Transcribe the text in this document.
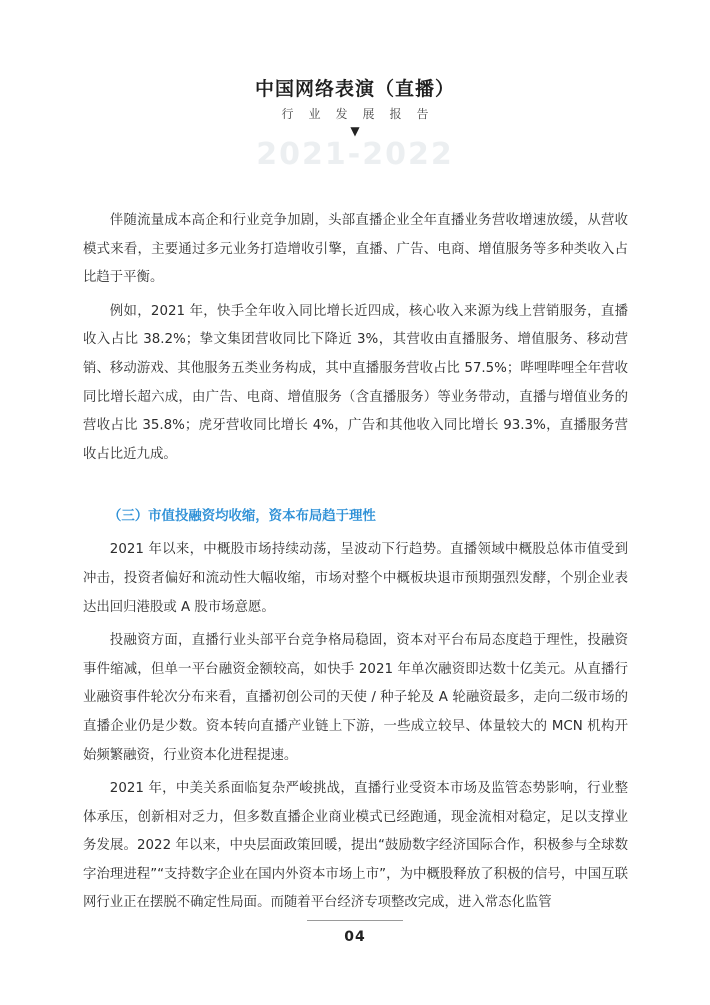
中国网络表演（直播）
行业发展报告
▼
2021-2022

伴随流量成本高企和行业竞争加剧，头部直播企业全年直播业务营收增速放缓，从营收模式来看，主要通过多元业务打造增收引擎，直播、广告、电商、增值服务等多种类收入占比趋于平衡。

例如，2021 年，快手全年收入同比增长近四成，核心收入来源为线上营销服务，直播收入占比 38.2%；挚文集团营收同比下降近 3%，其营收由直播服务、增值服务、移动营销、移动游戏、其他服务五类业务构成，其中直播服务营收占比 57.5%；哔哩哔哩全年营收同比增长超六成，由广告、电商、增值服务（含直播服务）等业务带动，直播与增值业务的营收占比 35.8%；虎牙营收同比增长 4%，广告和其他收入同比增长 93.3%，直播服务营收占比近九成。

（三）市值投融资均收缩，资本布局趋于理性

2021 年以来，中概股市场持续动荡，呈波动下行趋势。直播领域中概股总体市值受到冲击，投资者偏好和流动性大幅收缩，市场对整个中概板块退市预期强烈发酵，个别企业表达出回归港股或 A 股市场意愿。

投融资方面，直播行业头部平台竞争格局稳固，资本对平台布局态度趋于理性，投融资事件缩减，但单一平台融资金额较高，如快手 2021 年单次融资即达数十亿美元。从直播行业融资事件轮次分布来看，直播初创公司的天使 / 种子轮及 A 轮融资最多，走向二级市场的直播企业仍是少数。资本转向直播产业链上下游，一些成立较早、体量较大的 MCN 机构开始频繁融资，行业资本化进程提速。

2021 年，中美关系面临复杂严峻挑战，直播行业受资本市场及监管态势影响，行业整体承压，创新相对乏力，但多数直播企业商业模式已经跑通，现金流相对稳定，足以支撑业务发展。2022 年以来，中央层面政策回暖，提出“鼓励数字经济国际合作，积极参与全球数字治理进程”“支持数字企业在国内外资本市场上市”，为中概股释放了积极的信号，中国互联网行业正在摆脱不确定性局面。而随着平台经济专项整改完成，进入常态化监管

04
